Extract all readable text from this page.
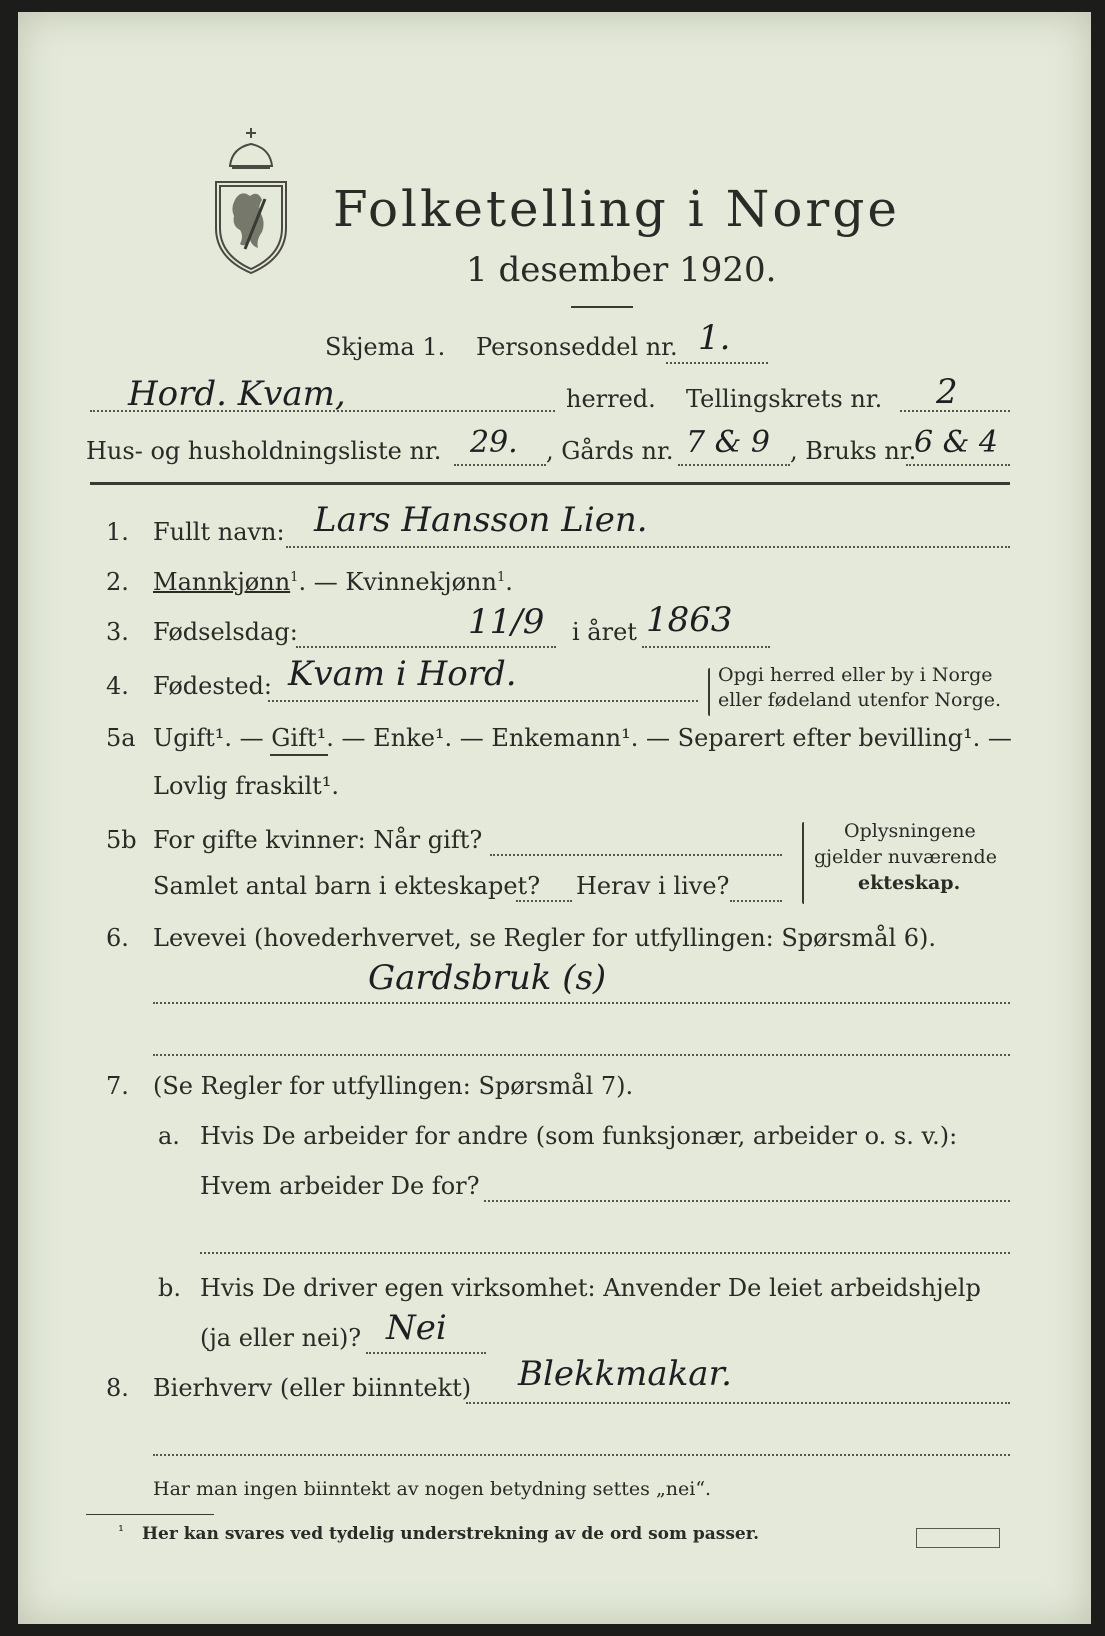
Folketelling i Norge
1 desember 1920.
Skjema 1. Personseddel nr. 1.
Hord. Kvam,	herred. Tellingskrets nr. 2
Hus- og husholdningsliste nr. 29. , Gårds nr. 7 & 9 , Bruks nr.
6 & 4
1. Fullt navn: Lars Hansson Lien.
2. Mannkjønn$^1$. — Kvinnekjønn$^1$.
3. Fødselsdag:	11/9 i året 1863
4. Fødested: Kvam i Hord.	Opgi herred eller by i Norge
eller fødeland utenfor Norge.
5a Ugift¹. — Gift¹. — Enke¹. — Enkemann¹. — Separert efter bevilling¹. —
Lovlig fraskilt¹.
5b For gifte kvinner: Når gift?
Samlet antal barn i ekteskapet? Herav i live?
Oplysningene
gjelder nuværende
ekteskap.
6. Levevei (hovederhvervet, se Regler for utfyllingen: Spørsmål 6).
Gardsbruk (s)
7. (Se Regler for utfyllingen: Spørsmål 7).
a. Hvis De arbeider for andre (som funksjonær, arbeider o. s. v.):
Hvem arbeider De for?
b. Hvis De driver egen virksomhet: Anvender De leiet arbeidshjelp
(ja eller nei)? Nei
8. Bierhverv (eller biinntekt) Blekkmakar.
Har man ingen biinntekt av nogen betydning settes „nei“.
¹ Her kan svares ved tydelig understrekning av de ord som passer.
